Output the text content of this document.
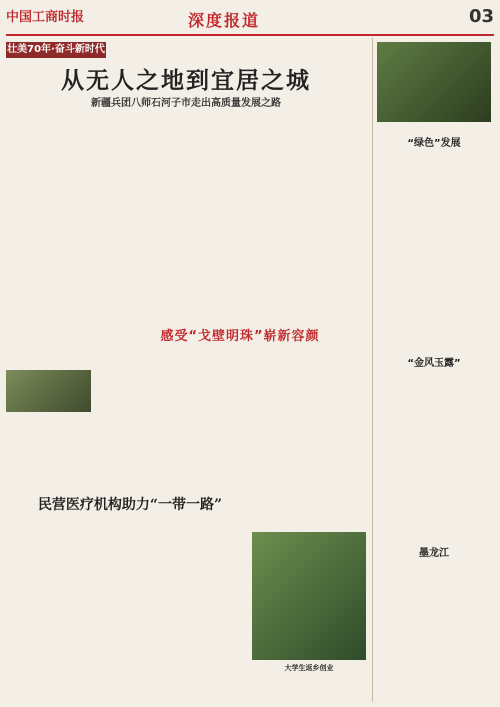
中国工商时报	深度报道	03
壮美70年·奋斗新时代
从无人之地到宜居之城
新疆兵团八师石河子市走出高质量发展之路
感受“戈壁明珠”崭新容颜
民营医疗机构助力“一带一路”
大学生返乡创业
“绿色”发展
“金风玉露”
墨龙江
